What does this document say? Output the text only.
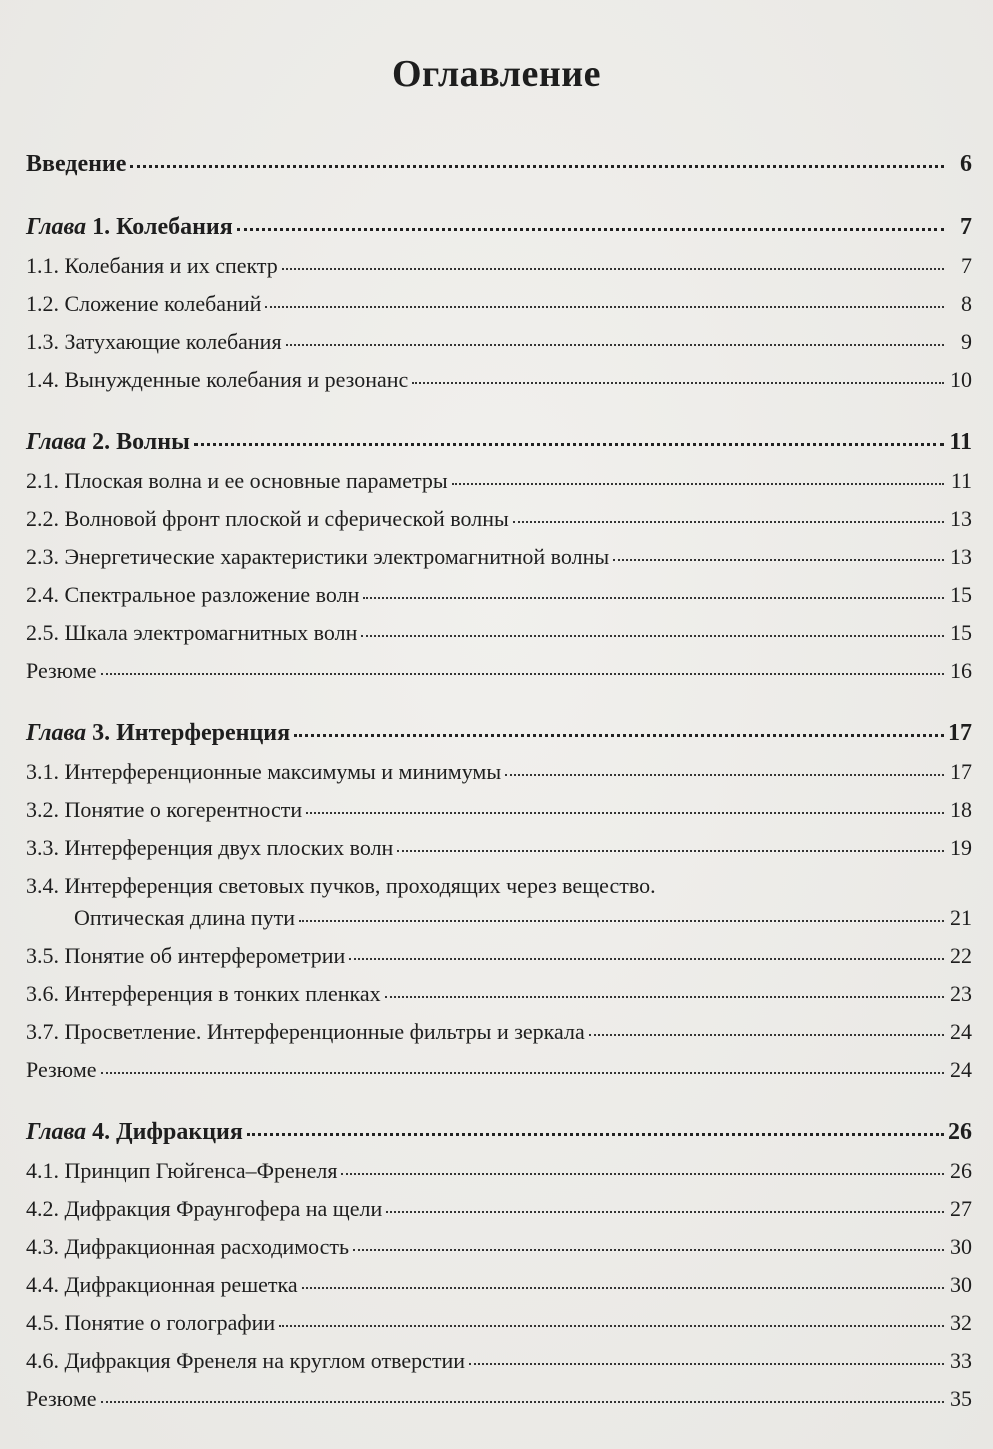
Оглавление
Введение	6
Глава 1. Колебания	7
1.1. Колебания и их спектр	7
1.2. Сложение колебаний	8
1.3. Затухающие колебания	9
1.4. Вынужденные колебания и резонанс	10
Глава 2. Волны	11
2.1. Плоская волна и ее основные параметры	11
2.2. Волновой фронт плоской и сферической волны	13
2.3. Энергетические характеристики электромагнитной волны	13
2.4. Спектральное разложение волн	15
2.5. Шкала электромагнитных волн	15
Резюме	16
Глава 3. Интерференция	17
3.1. Интерференционные максимумы и минимумы	17
3.2. Понятие о когерентности	18
3.3. Интерференция двух плоских волн	19
3.4. Интерференция световых пучков, проходящих через вещество.
Оптическая длина пути	21
3.5. Понятие об интерферометрии	22
3.6. Интерференция в тонких пленках	23
3.7. Просветление. Интерференционные фильтры и зеркала	24
Резюме	24
Глава 4. Дифракция	26
4.1. Принцип Гюйгенса–Френеля	26
4.2. Дифракция Фраунгофера на щели	27
4.3. Дифракционная расходимость	30
4.4. Дифракционная решетка	30
4.5. Понятие о голографии	32
4.6. Дифракция Френеля на круглом отверстии	33
Резюме	35
